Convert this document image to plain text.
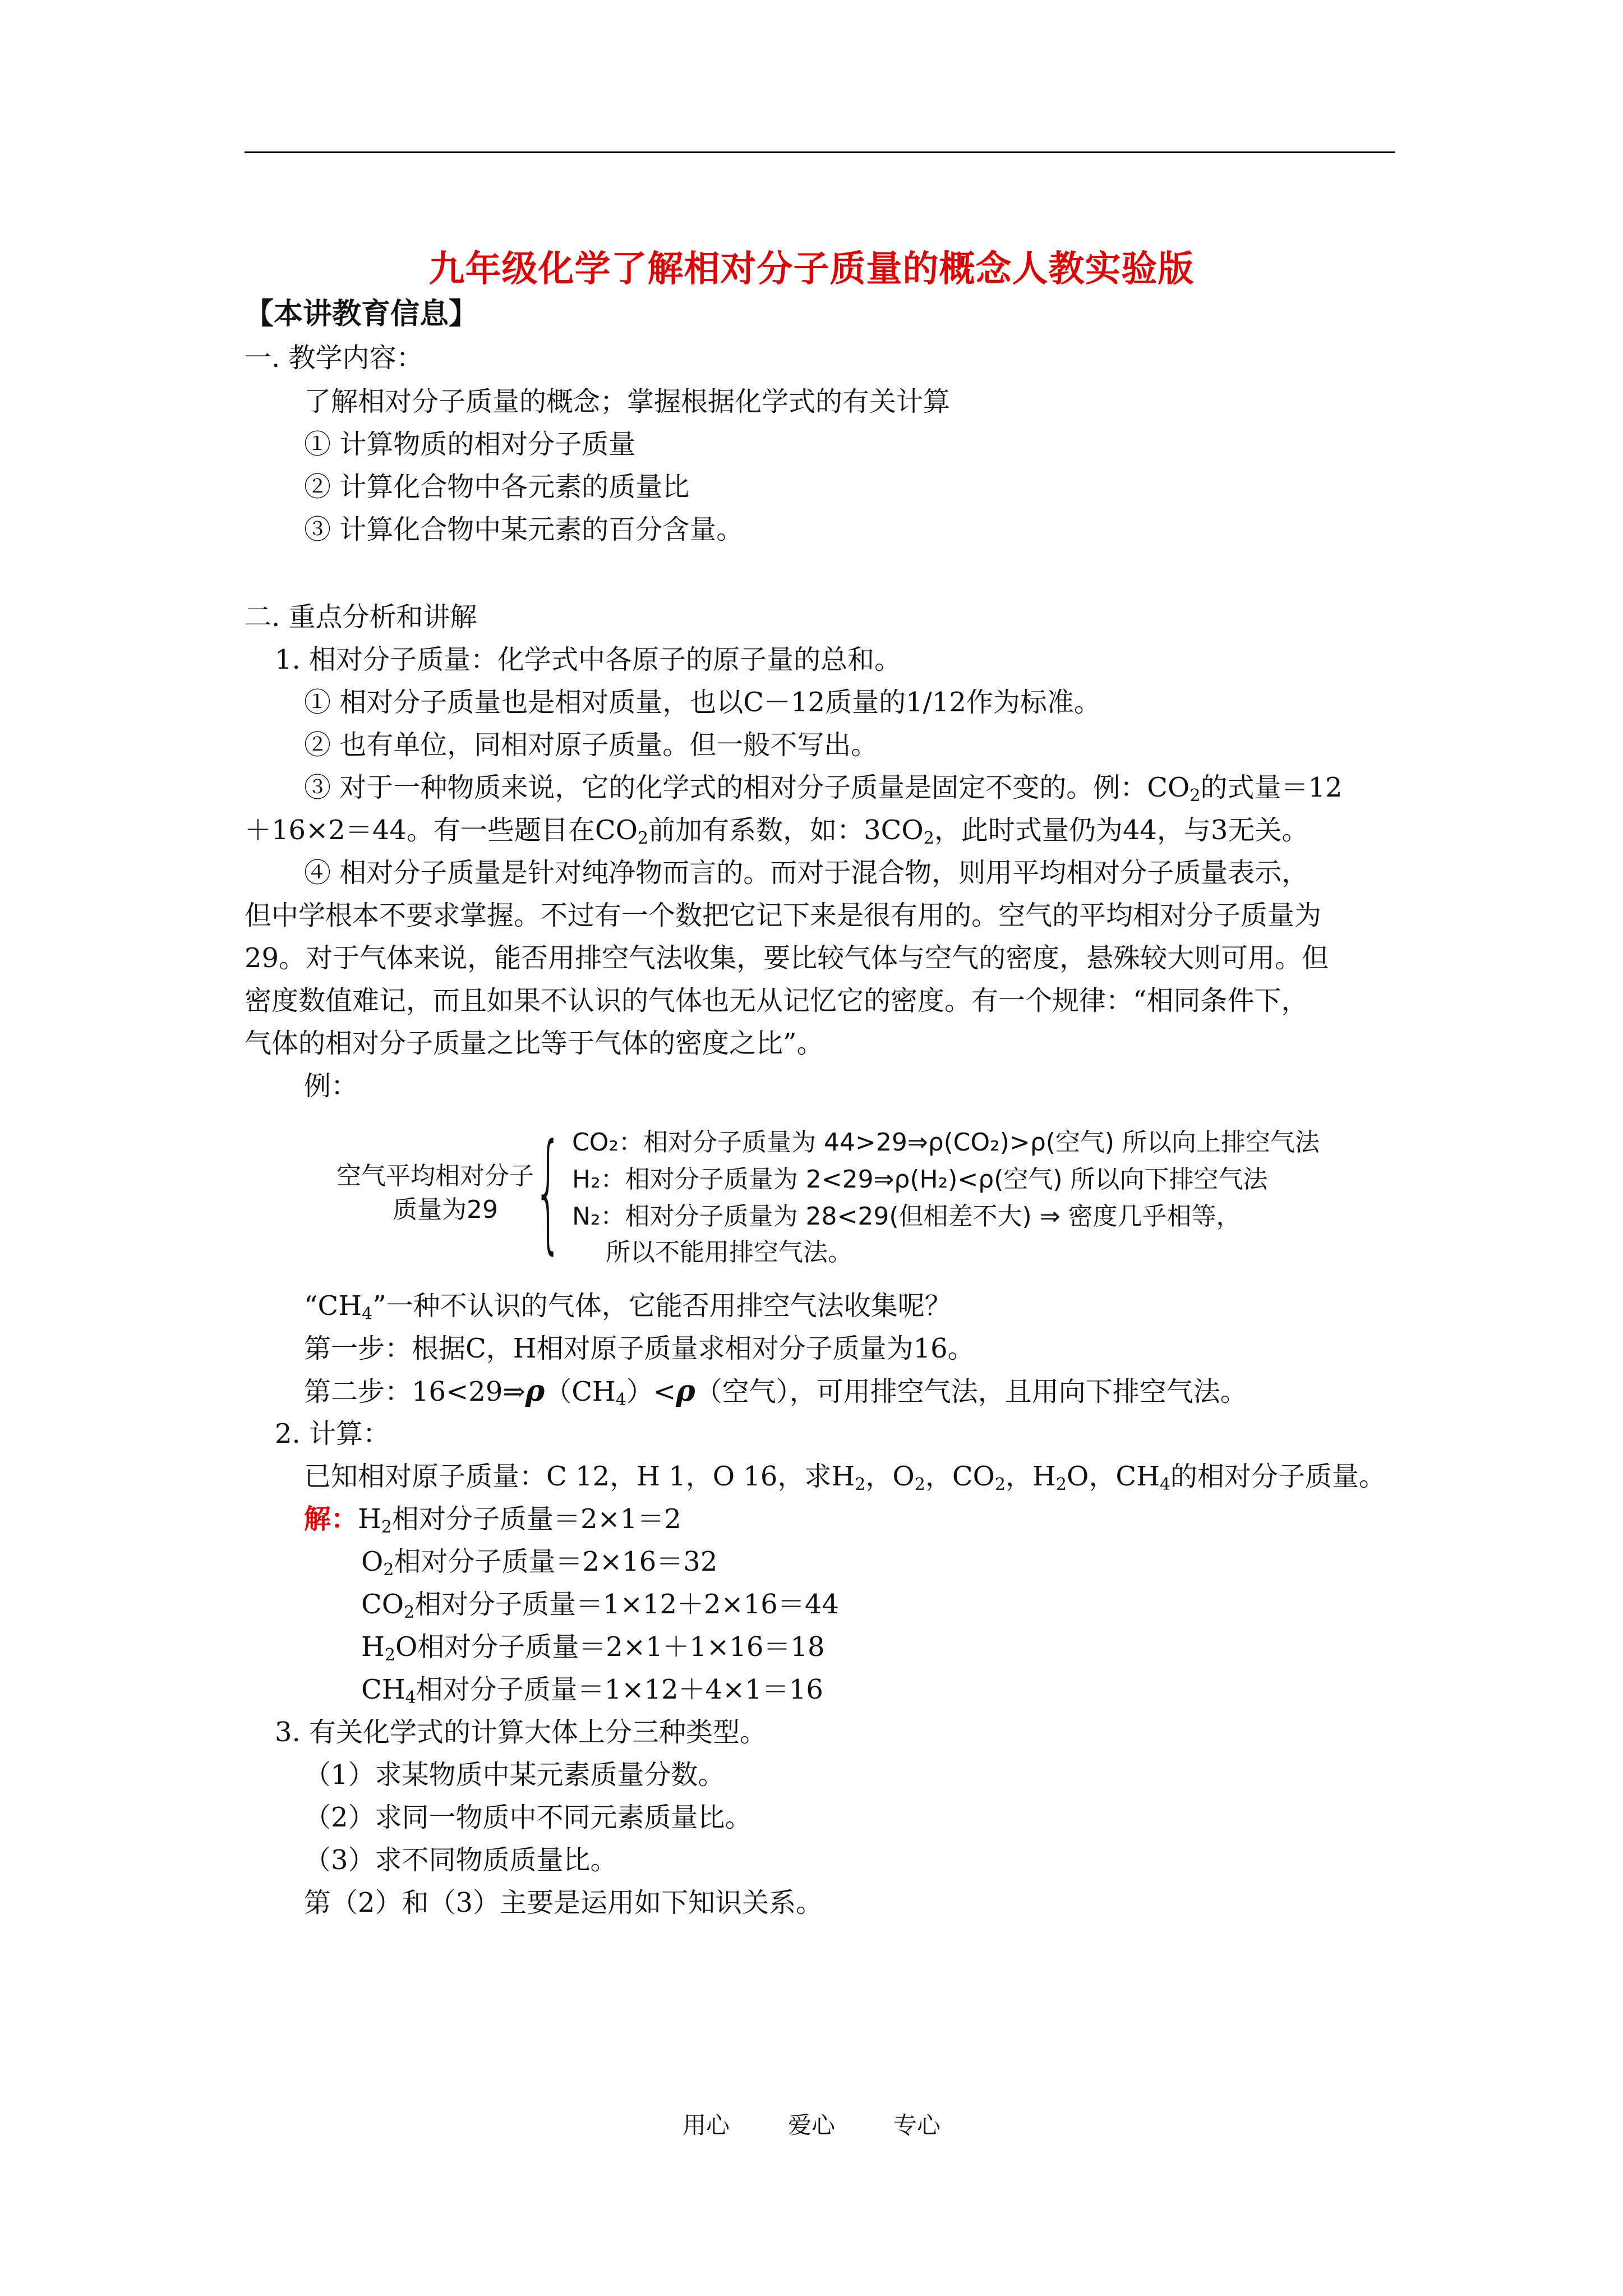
九年级化学了解相对分子质量的概念人教实验版
【本讲教育信息】
一. 教学内容：
了解相对分子质量的概念；掌握根据化学式的有关计算
① 计算物质的相对分子质量
② 计算化合物中各元素的质量比
③ 计算化合物中某元素的百分含量。
二. 重点分析和讲解
1. 相对分子质量：化学式中各原子的原子量的总和。
① 相对分子质量也是相对质量，也以C－12质量的1/12作为标准。
② 也有单位，同相对原子质量。但一般不写出。
③ 对于一种物质来说，它的化学式的相对分子质量是固定不变的。例：$CO_2$的式量＝12
＋16×2＝44。有一些题目在$CO_2$前加有系数，如：$3CO_2$，此时式量仍为44，与3无关。
④ 相对分子质量是针对纯净物而言的。而对于混合物，则用平均相对分子质量表示，
但中学根本不要求掌握。不过有一个数把它记下来是很有用的。空气的平均相对分子质量为
29。对于气体来说，能否用排空气法收集，要比较气体与空气的密度，悬殊较大则可用。但
密度数值难记，而且如果不认识的气体也无从记忆它的密度。有一个规律：“相同条件下，
气体的相对分子质量之比等于气体的密度之比”。
例：
空气平均相对分子
质量为29 { CO₂：相对分子质量为 44>29⇒ρ(CO₂)>ρ(空气) 所以向上排空气法
H₂：相对分子质量为 2<29⇒ρ(H₂)<ρ(空气) 所以向下排空气法
N₂：相对分子质量为 28<29(但相差不大) ⇒ 密度几乎相等，
所以不能用排空气法。
“$CH_4$”一种不认识的气体，它能否用排空气法收集呢？
第一步：根据C，H相对原子质量求相对分子质量为16。
第二步：$16<29\Rightarrow\rho(CH_4)<\rho$（空气），可用排空气法，且用向下排空气法。
2. 计算：
已知相对原子质量：C 12，H 1，O 16，求$H_2$，$O_2$，$CO_2$，$H_2O$，$CH_4$的相对分子质量。
解：$H_2$相对分子质量＝2×1＝2
$O_2$相对分子质量＝2×16＝32
$CO_2$相对分子质量＝1×12＋2×16＝44
$H_2O$相对分子质量＝2×1＋1×16＝18
$CH_4$相对分子质量＝1×12＋4×1＝16
3. 有关化学式的计算大体上分三种类型。
（1）求某物质中某元素质量分数。
（2）求同一物质中不同元素质量比。
（3）求不同物质质量比。
第（2）和（3）主要是运用如下知识关系。
用心 爱心 专心
